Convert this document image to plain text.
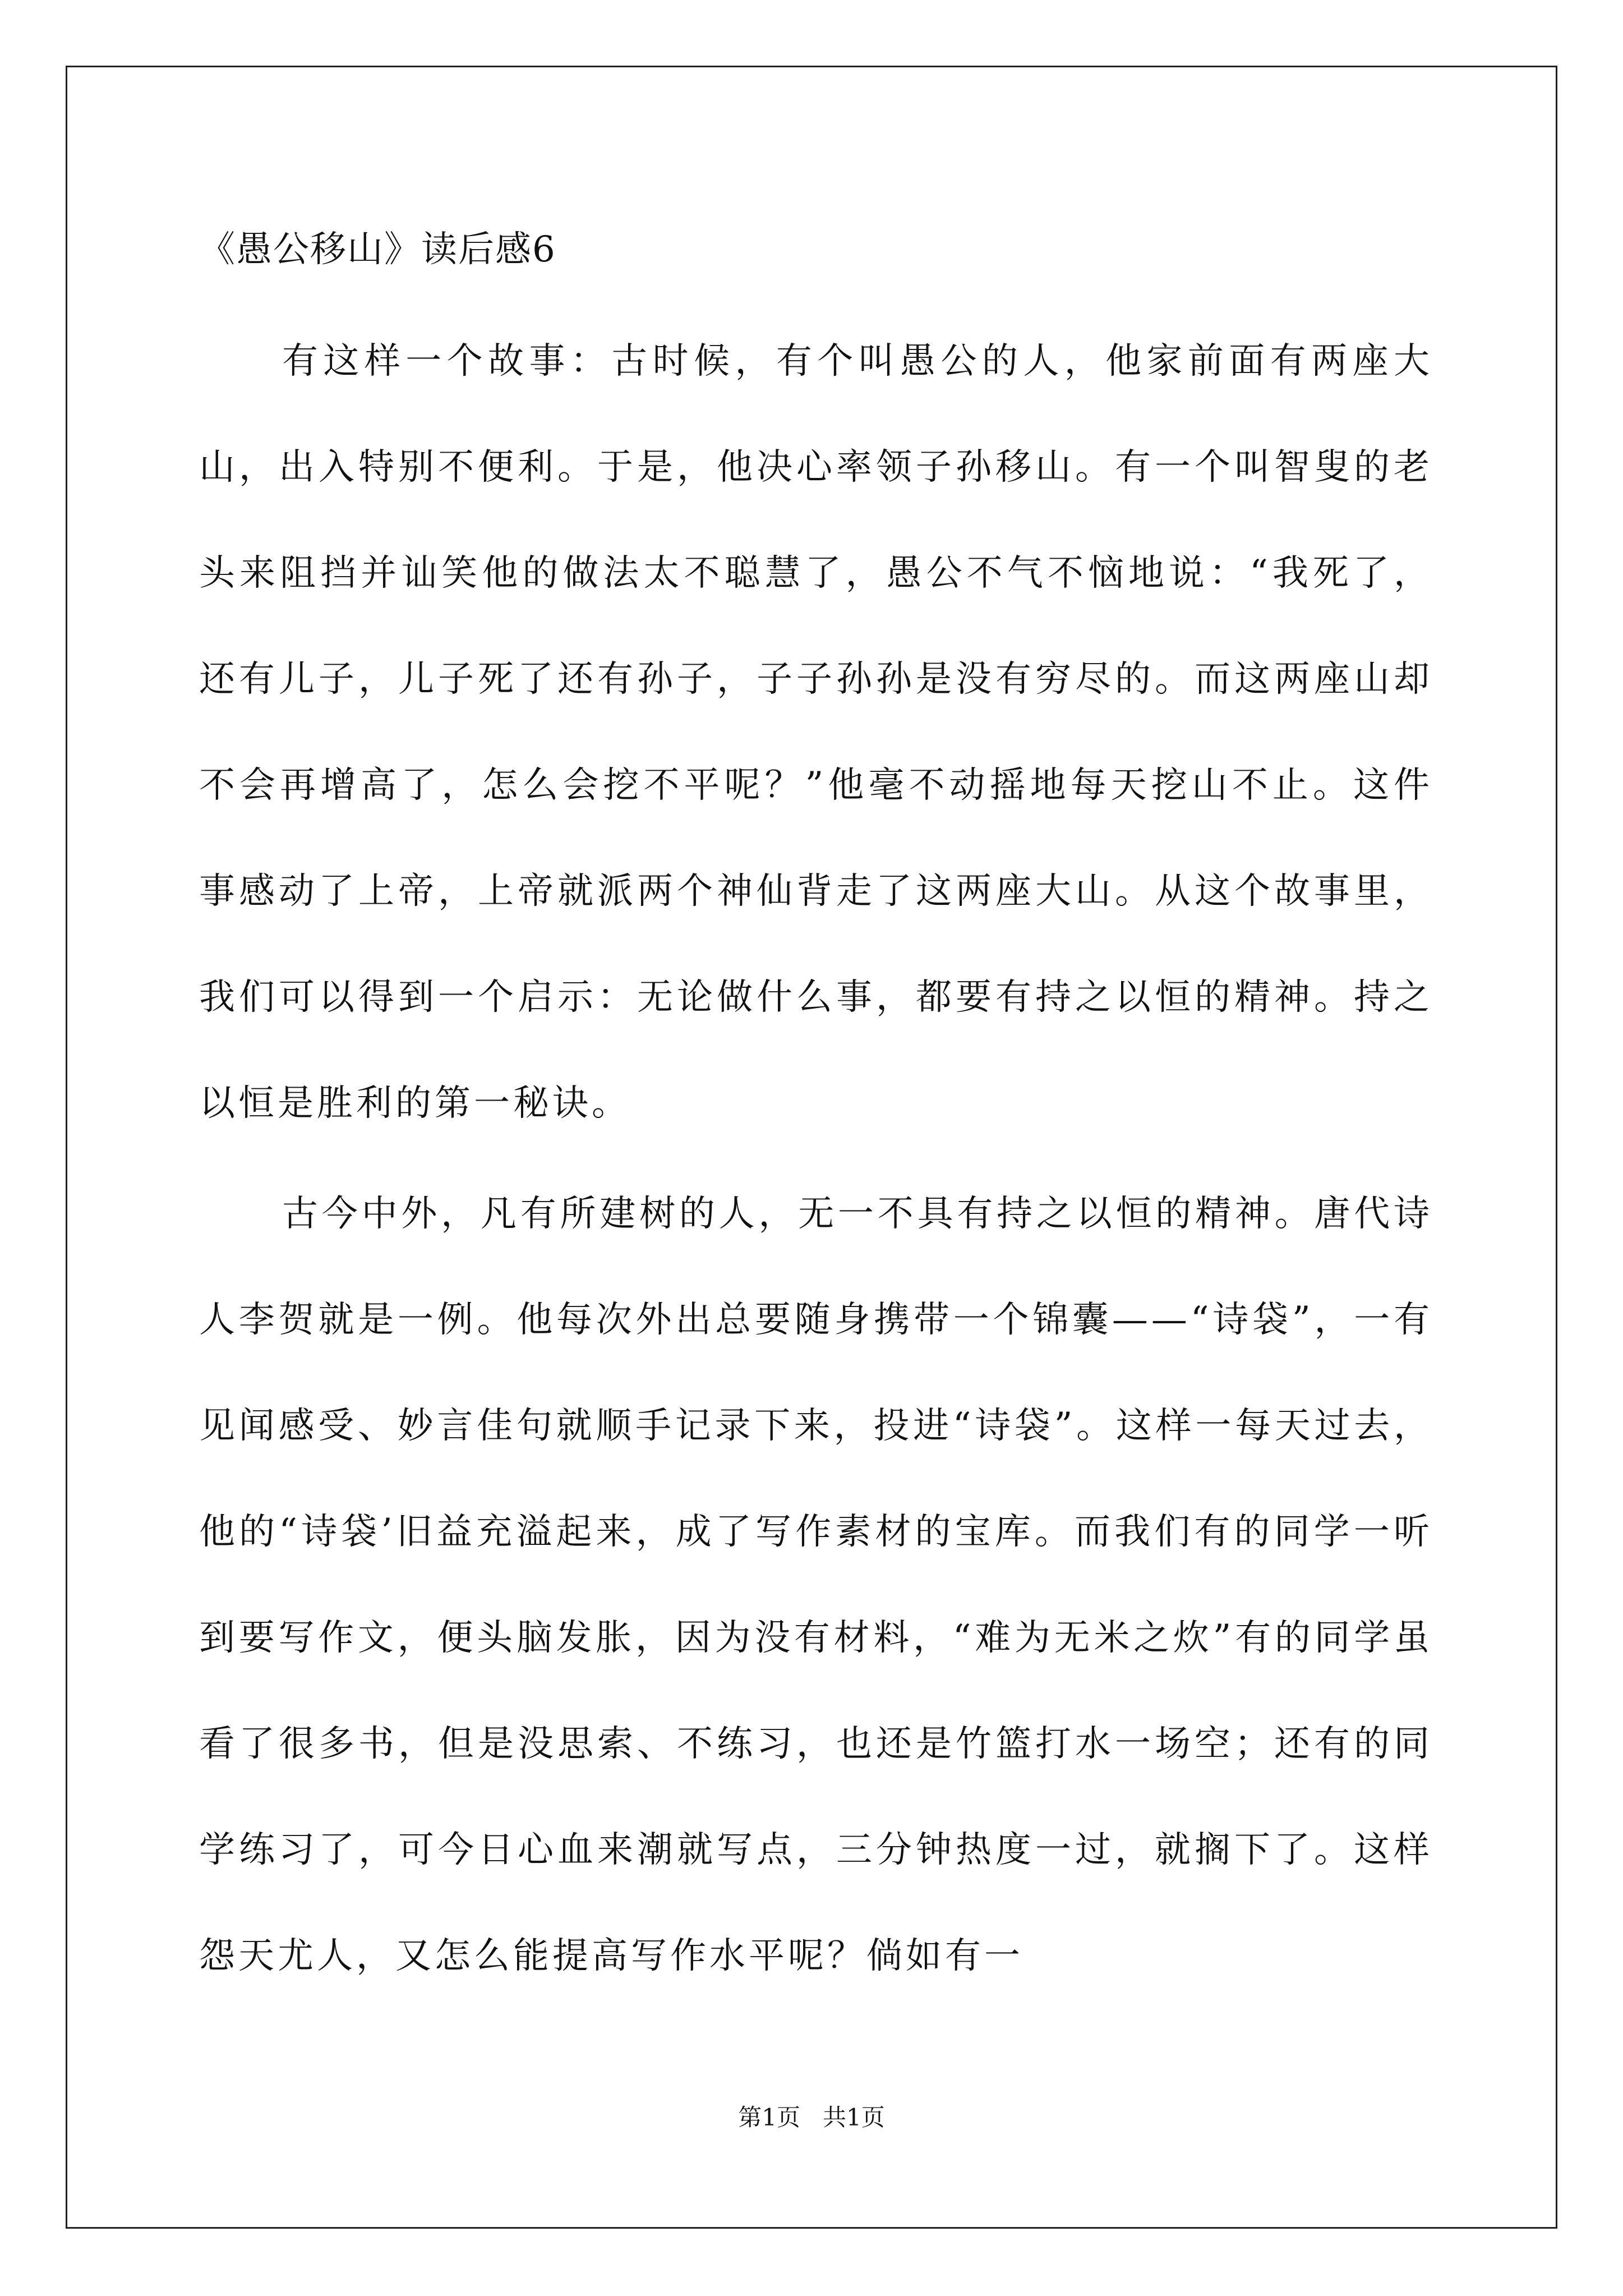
《愚公移山》读后感6

有这样一个故事：古时候，有个叫愚公的人，他家前面有两座大山，出入特别不便利。于是，他决心率领子孙移山。有一个叫智叟的老头来阻挡并讪笑他的做法太不聪慧了，愚公不气不恼地说：“我死了，还有儿子，儿子死了还有孙子，子子孙孙是没有穷尽的。而这两座山却不会再增高了，怎么会挖不平呢？”他毫不动摇地每天挖山不止。这件事感动了上帝，上帝就派两个神仙背走了这两座大山。从这个故事里，我们可以得到一个启示：无论做什么事，都要有持之以恒的精神。持之以恒是胜利的第一秘诀。

古今中外，凡有所建树的人，无一不具有持之以恒的精神。唐代诗人李贺就是一例。他每次外出总要随身携带一个锦囊——“诗袋”，一有见闻感受、妙言佳句就顺手记录下来，投进“诗袋”。这样一每天过去，他的“诗袋’旧益充溢起来，成了写作素材的宝库。而我们有的同学一听到要写作文，便头脑发胀，因为没有材料，“难为无米之炊”有的同学虽看了很多书，但是没思索、不练习，也还是竹篮打水一场空；还有的同学练习了，可今日心血来潮就写点，三分钟热度一过，就搁下了。这样怨天尤人，又怎么能提高写作水平呢？倘如有一

第1页   共1页
